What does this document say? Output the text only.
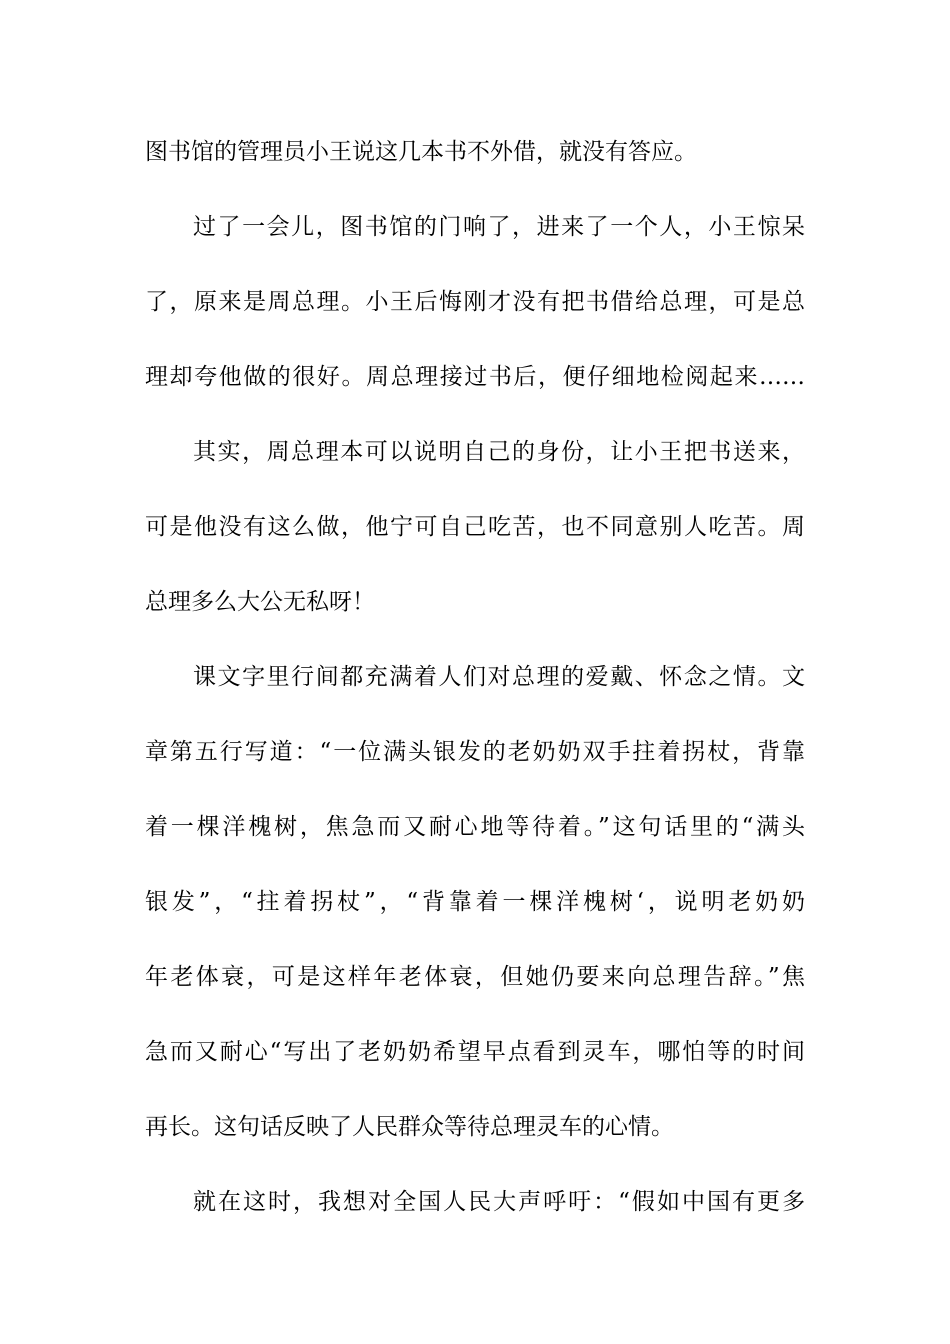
图书馆的管理员小王说这几本书不外借，就没有答应。
过了一会儿，图书馆的门响了，进来了一个人，小王惊呆
了，原来是周总理。小王后悔刚才没有把书借给总理，可是总
理却夸他做的很好。周总理接过书后，便仔细地检阅起来……
其实，周总理本可以说明自己的身份，让小王把书送来，
可是他没有这么做，他宁可自己吃苦，也不同意别人吃苦。周
总理多么大公无私呀！
课文字里行间都充满着人们对总理的爱戴、怀念之情。文
章第五行写道：“一位满头银发的老奶奶双手拄着拐杖，背靠
着一棵洋槐树，焦急而又耐心地等待着。”这句话里的“满头
银发”，“拄着拐杖”，“背靠着一棵洋槐树‘，说明老奶奶
年老体衰，可是这样年老体衰，但她仍要来向总理告辞。”焦
急而又耐心“写出了老奶奶希望早点看到灵车，哪怕等的时间
再长。这句话反映了人民群众等待总理灵车的心情。
就在这时，我想对全国人民大声呼吁：“假如中国有更多
